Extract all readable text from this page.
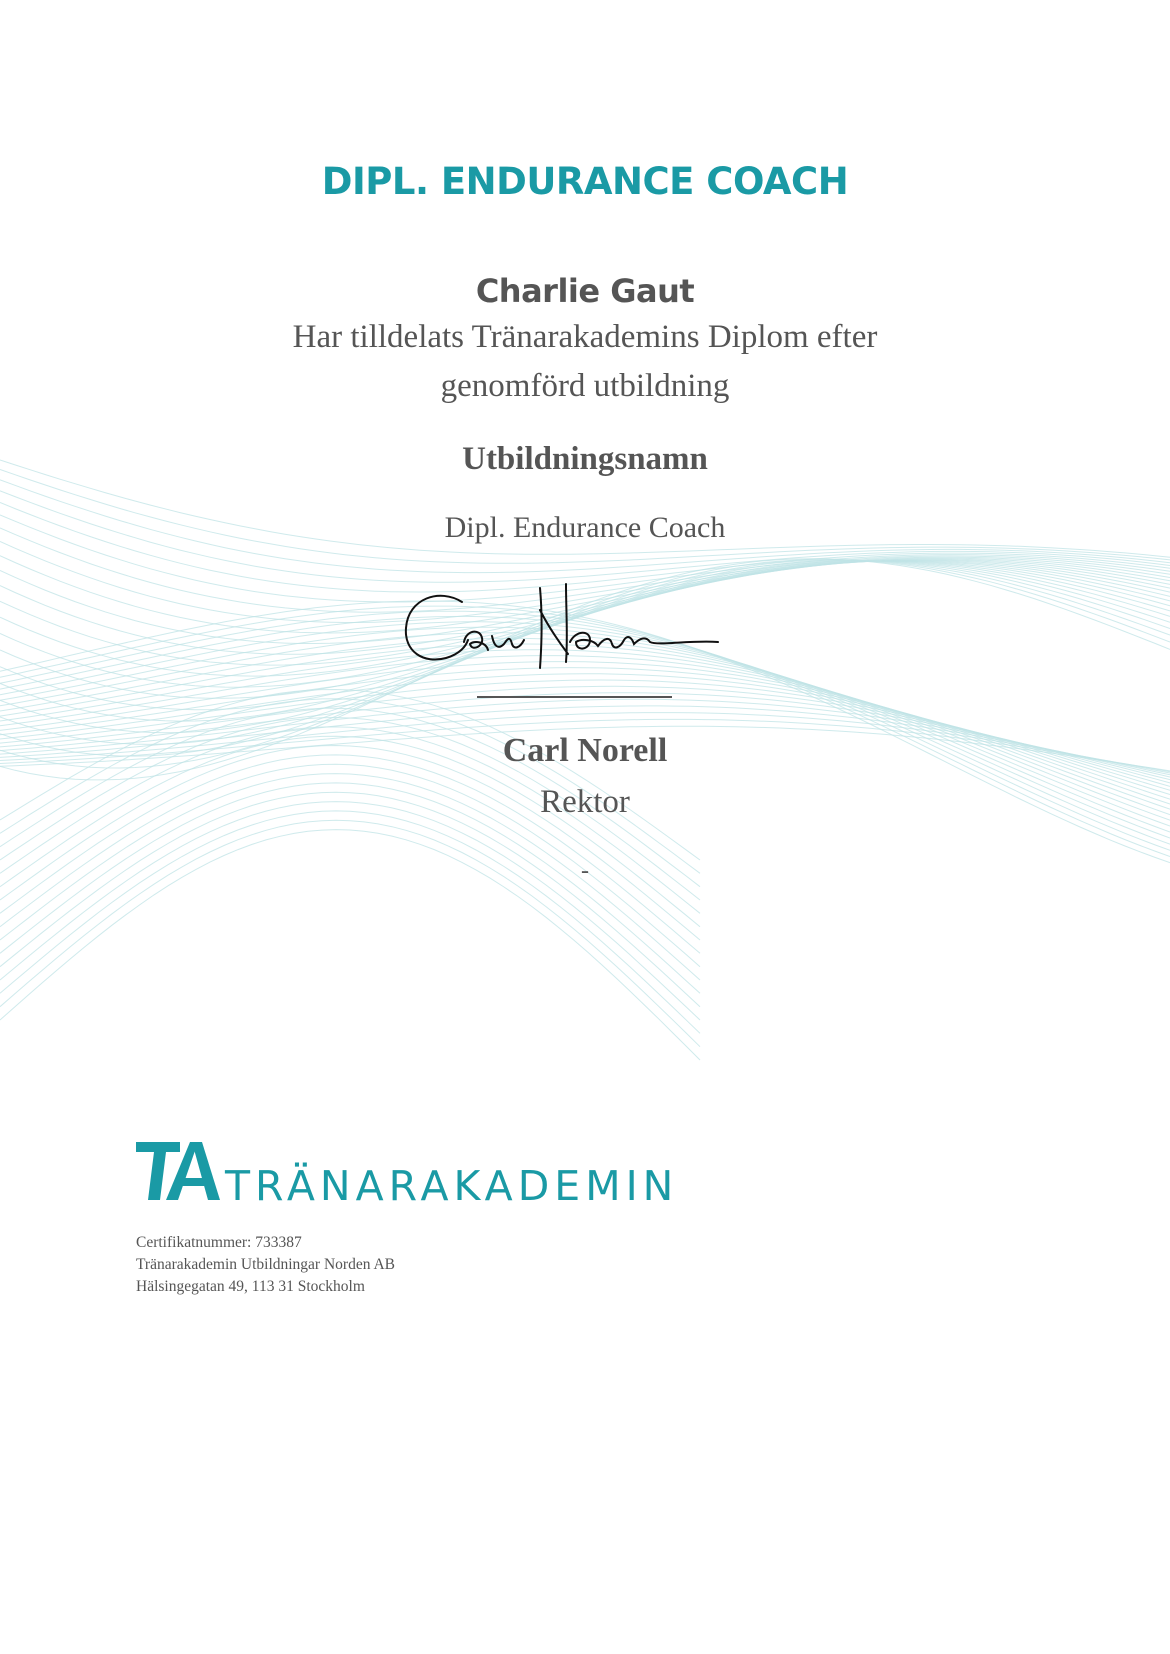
DIPL. ENDURANCE COACH
Charlie Gaut
Har tilldelats Tränarakademins Diplom efter
genomförd utbildning
Utbildningsnamn
Dipl. Endurance Coach
Carl Norell
Rektor
-
TRÄNARAKADEMIN
Certifikatnummer: 733387
Tränarakademin Utbildningar Norden AB
Hälsingegatan 49, 113 31 Stockholm
